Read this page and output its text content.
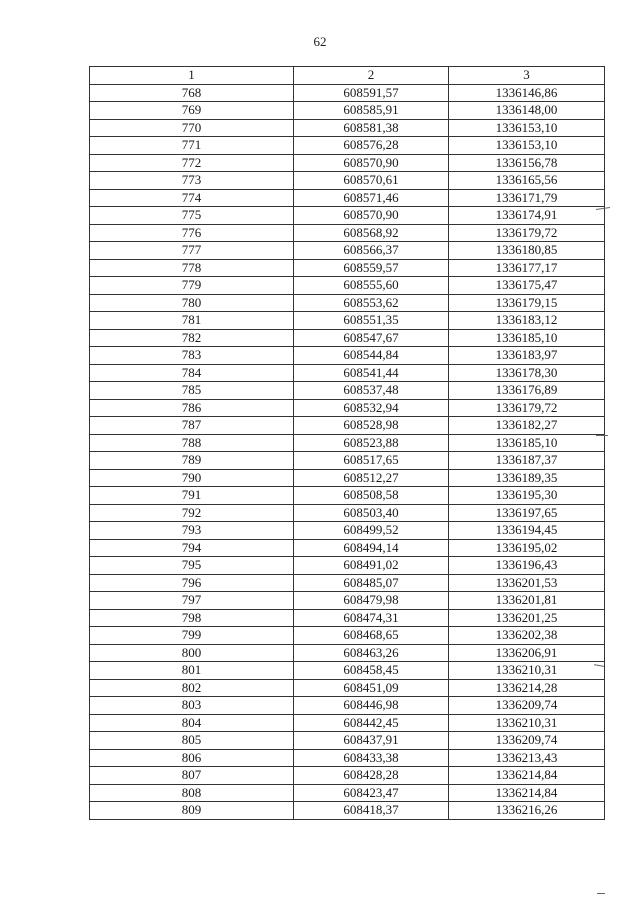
62
1	2	3
768	608591,57	1336146,86
769	608585,91	1336148,00
770	608581,38	1336153,10
771	608576,28	1336153,10
772	608570,90	1336156,78
773	608570,61	1336165,56
774	608571,46	1336171,79
775	608570,90	1336174,91
776	608568,92	1336179,72
777	608566,37	1336180,85
778	608559,57	1336177,17
779	608555,60	1336175,47
780	608553,62	1336179,15
781	608551,35	1336183,12
782	608547,67	1336185,10
783	608544,84	1336183,97
784	608541,44	1336178,30
785	608537,48	1336176,89
786	608532,94	1336179,72
787	608528,98	1336182,27
788	608523,88	1336185,10
789	608517,65	1336187,37
790	608512,27	1336189,35
791	608508,58	1336195,30
792	608503,40	1336197,65
793	608499,52	1336194,45
794	608494,14	1336195,02
795	608491,02	1336196,43
796	608485,07	1336201,53
797	608479,98	1336201,81
798	608474,31	1336201,25
799	608468,65	1336202,38
800	608463,26	1336206,91
801	608458,45	1336210,31
802	608451,09	1336214,28
803	608446,98	1336209,74
804	608442,45	1336210,31
805	608437,91	1336209,74
806	608433,38	1336213,43
807	608428,28	1336214,84
808	608423,47	1336214,84
809	608418,37	1336216,26
